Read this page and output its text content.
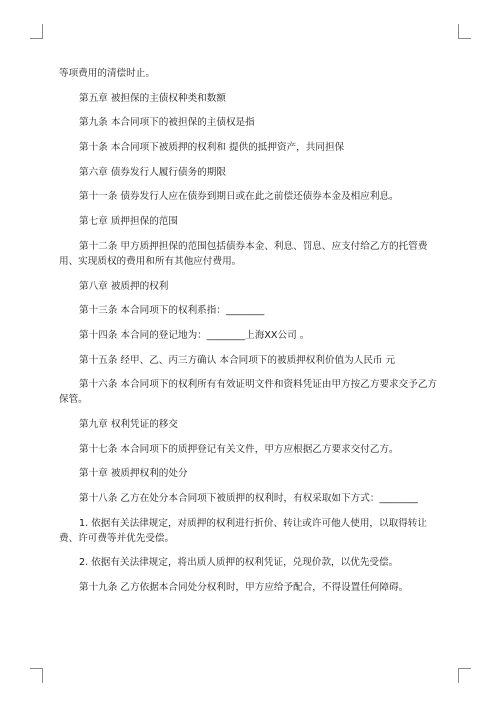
等项费用的清偿时止。

第五章 被担保的主债权种类和数额

第九条 本合同项下的被担保的主债权是指

第十条 本合同项下被质押的权利和 提供的抵押资产，共同担保

第六章 债券发行人履行债务的期限

第十一条 债券发行人应在债券到期日或在此之前偿还债券本金及相应利息。

第七章 质押担保的范围

第十二条 甲方质押担保的范围包括债券本金、利息、罚息、应支付给乙方的托管费用、实现质权的费用和所有其他应付费用。

第八章 被质押的权利

第十三条 本合同项下的权利系指：________

第十四条 本合同的登记地为：________上海XX公司 。

第十五条 经甲、乙、丙三方确认 本合同项下的被质押权利价值为人民币 元

第十六条 本合同项下的权利所有有效证明文件和资料凭证由甲方按乙方要求交予乙方保管。

第九章 权利凭证的移交

第十七条 本合同项下的质押登记有关文件，甲方应根据乙方要求交付乙方。

第十章 被质押权利的处分

第十八条 乙方在处分本合同项下被质押的权利时，有权采取如下方式：________

1. 依据有关法律规定，对质押的权利进行折价、转让或许可他人使用，以取得转让费、许可费等并优先受偿。

2. 依据有关法律规定，将出质人质押的权利凭证，兑现价款，以优先受偿。

第十九条 乙方依据本合同处分权利时，甲方应给予配合，不得设置任何障碍。
